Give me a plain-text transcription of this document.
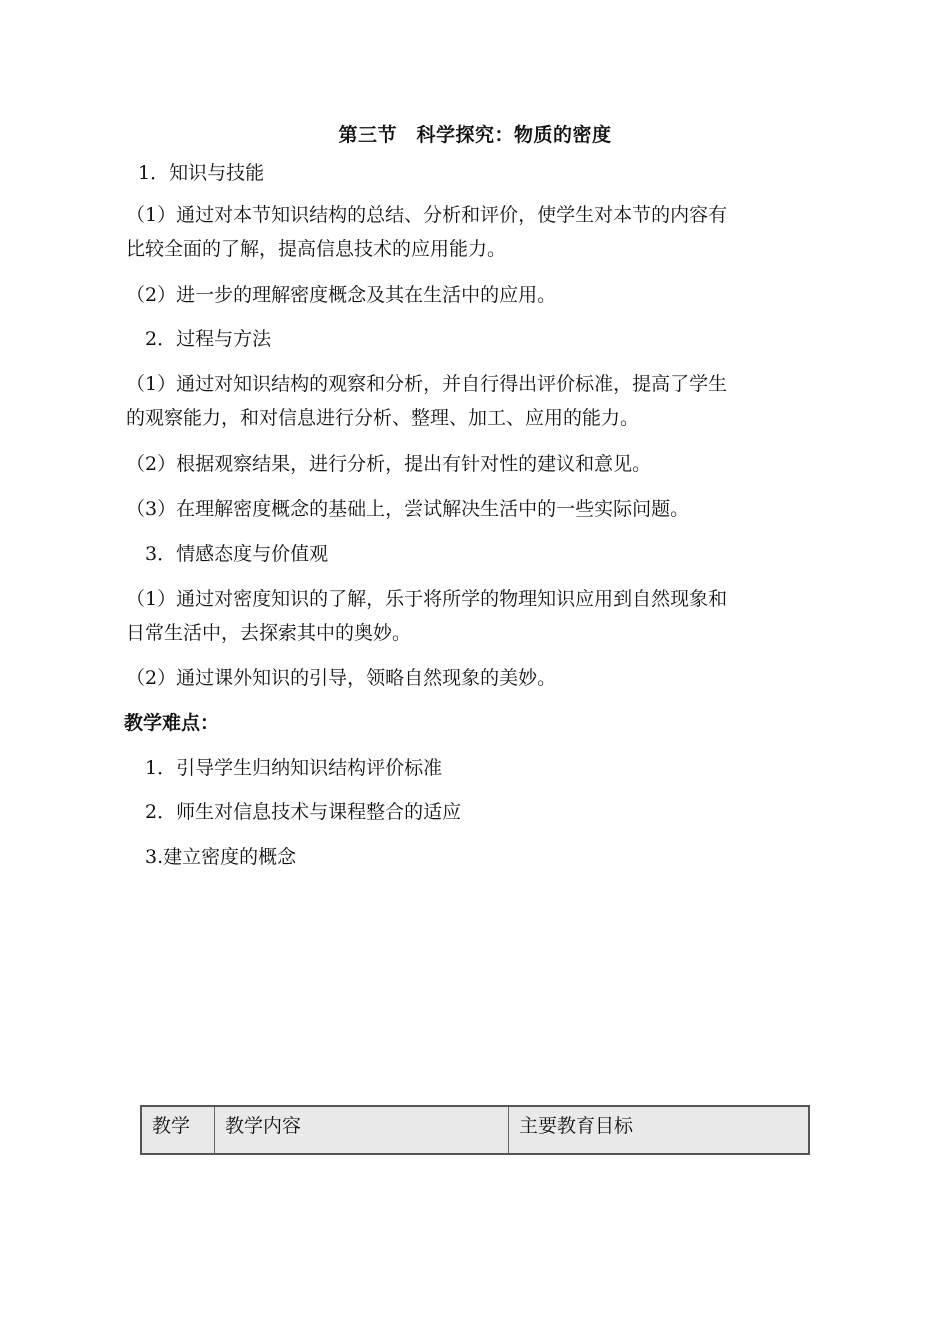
第三节　科学探究：物质的密度
1．知识与技能
（1）通过对本节知识结构的总结、分析和评价，使学生对本节的内容有
比较全面的了解，提高信息技术的应用能力。
（2）进一步的理解密度概念及其在生活中的应用。
2．过程与方法
（1）通过对知识结构的观察和分析，并自行得出评价标准，提高了学生
的观察能力，和对信息进行分析、整理、加工、应用的能力。
（2）根据观察结果，进行分析，提出有针对性的建议和意见。
（3）在理解密度概念的基础上，尝试解决生活中的一些实际问题。
3．情感态度与价值观
（1）通过对密度知识的了解，乐于将所学的物理知识应用到自然现象和
日常生活中，去探索其中的奥妙。
（2）通过课外知识的引导，领略自然现象的美妙。
教学难点：
1．引导学生归纳知识结构评价标准
2．师生对信息技术与课程整合的适应
3.建立密度的概念
教学	教学内容	主要教育目标
